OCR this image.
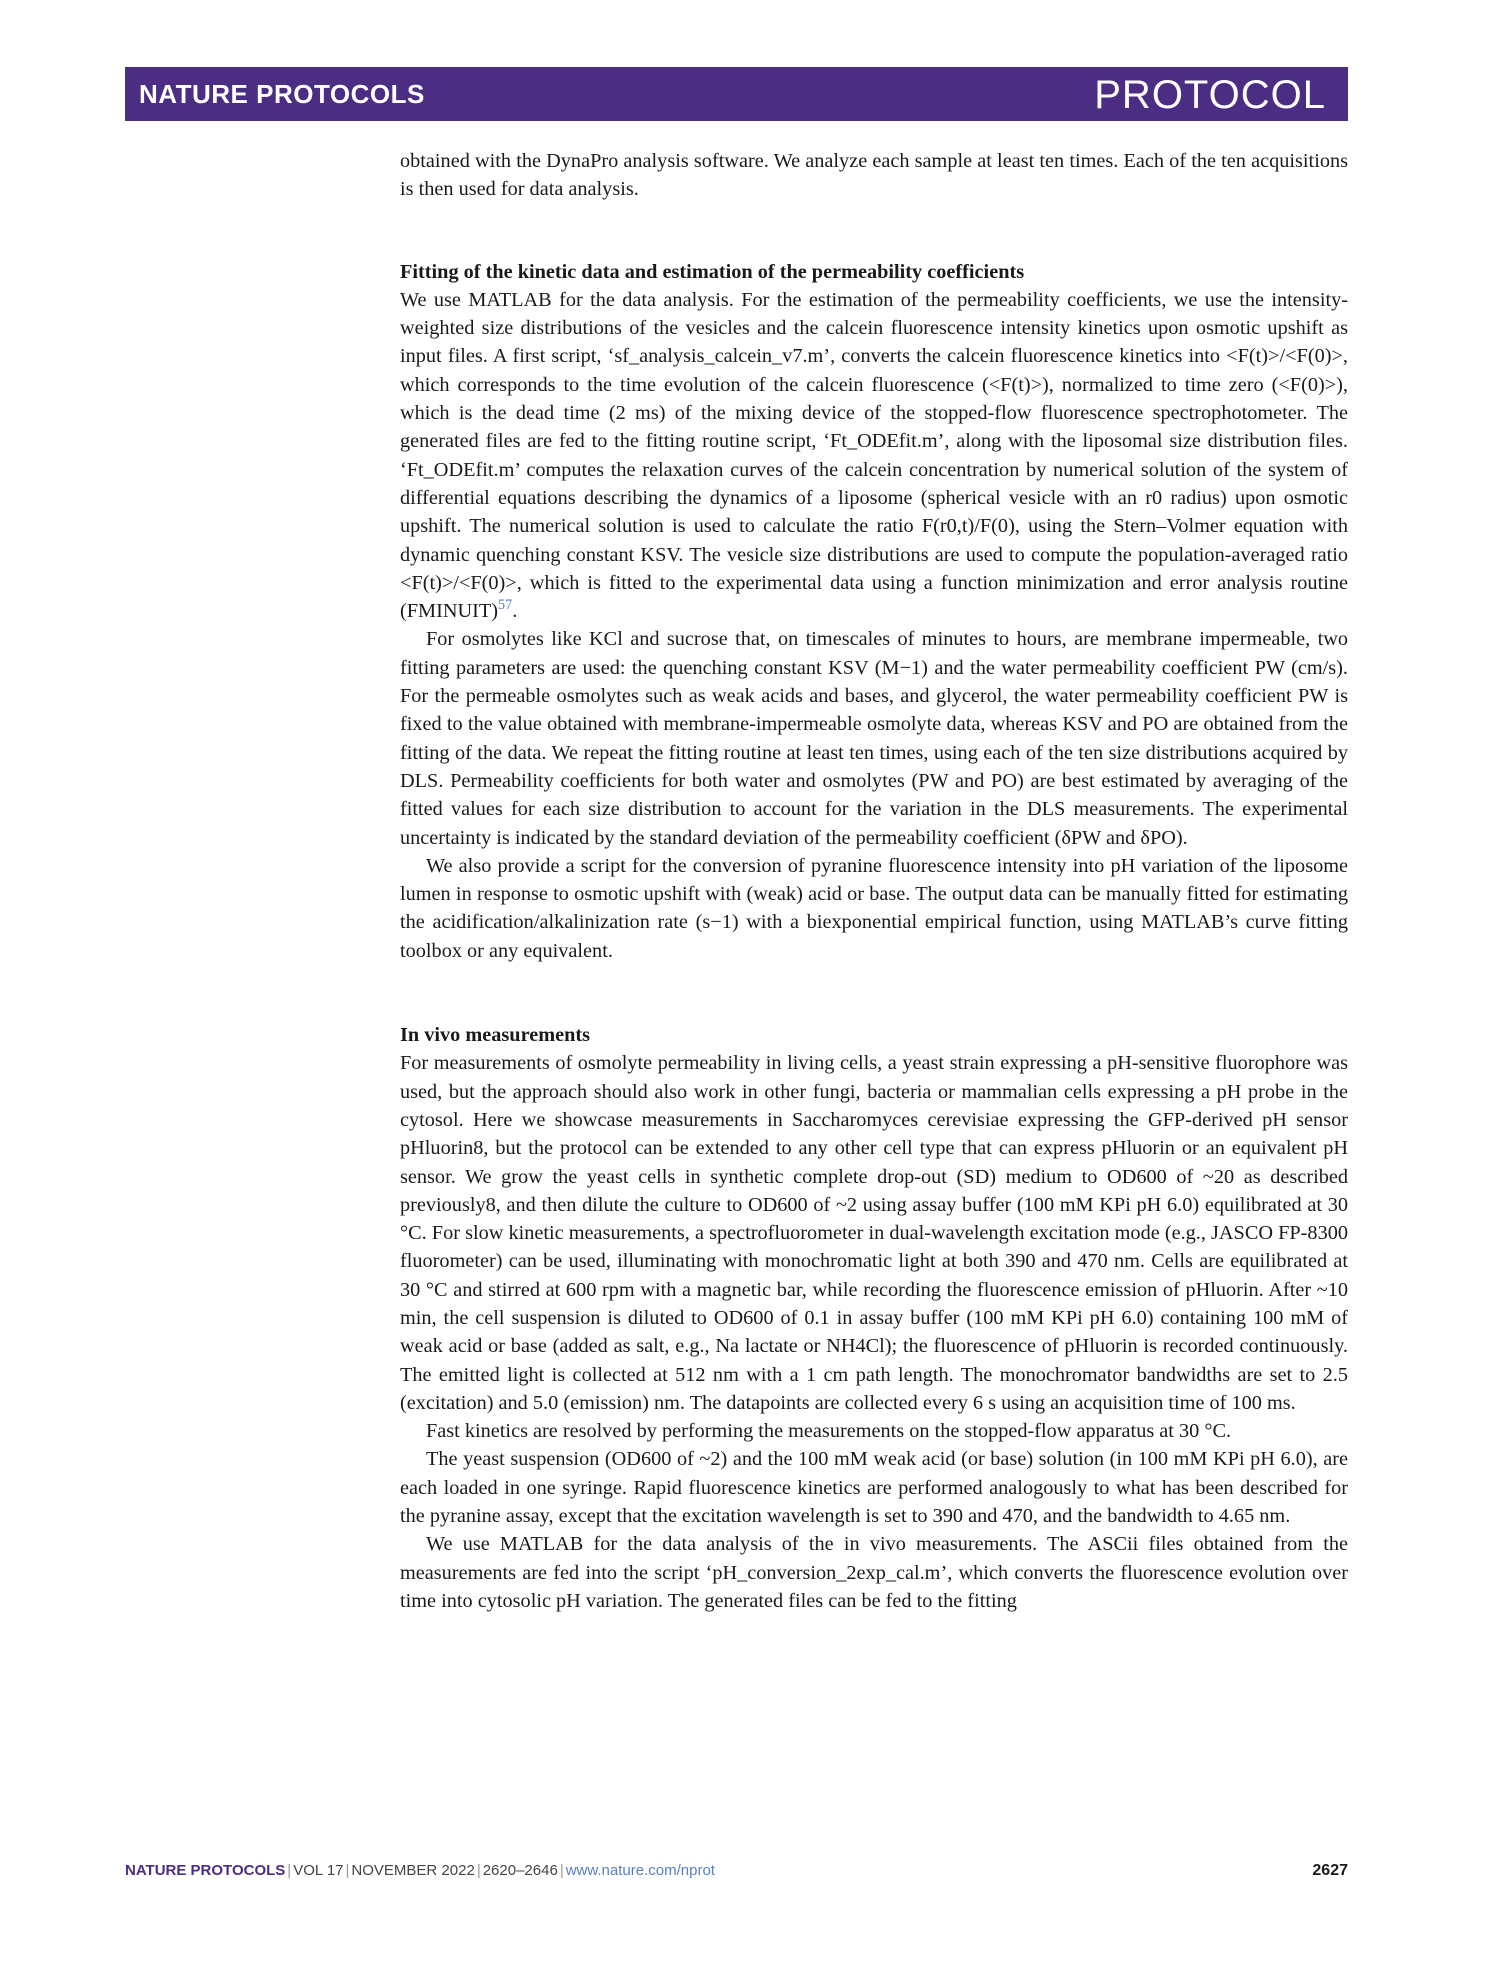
NATURE PROTOCOLS	PROTOCOL

obtained with the DynaPro analysis software. We analyze each sample at least ten times. Each of the ten acquisitions is then used for data analysis.

Fitting of the kinetic data and estimation of the permeability coefficients

We use MATLAB for the data analysis. For the estimation of the permeability coefficients, we use the intensity-weighted size distributions of the vesicles and the calcein fluorescence intensity kinetics upon osmotic upshift as input files. A first script, ‘sf_analysis_calcein_v7.m’, converts the calcein fluorescence kinetics into <F(t)>/<F(0)>, which corresponds to the time evolution of the calcein fluorescence (<F(t)>), normalized to time zero (<F(0)>), which is the dead time (2 ms) of the mixing device of the stopped-flow fluorescence spectrophotometer. The generated files are fed to the fitting routine script, ‘Ft_ODEfit.m’, along with the liposomal size distribution files. ‘Ft_ODEfit.m’ computes the relaxation curves of the calcein concentration by numerical solution of the system of differential equations describing the dynamics of a liposome (spherical vesicle with an r0 radius) upon osmotic upshift. The numerical solution is used to calculate the ratio F(r0,t)/F(0), using the Stern–Volmer equation with dynamic quenching constant KSV. The vesicle size distributions are used to compute the population-averaged ratio <F(t)>/<F(0)>, which is fitted to the experimental data using a function minimization and error analysis routine (FMINUIT)$^{57}$.

For osmolytes like KCl and sucrose that, on timescales of minutes to hours, are membrane impermeable, two fitting parameters are used: the quenching constant KSV (M−1) and the water permeability coefficient PW (cm/s). For the permeable osmolytes such as weak acids and bases, and glycerol, the water permeability coefficient PW is fixed to the value obtained with membrane-impermeable osmolyte data, whereas KSV and PO are obtained from the fitting of the data. We repeat the fitting routine at least ten times, using each of the ten size distributions acquired by DLS. Permeability coefficients for both water and osmolytes (PW and PO) are best estimated by averaging of the fitted values for each size distribution to account for the variation in the DLS measurements. The experimental uncertainty is indicated by the standard deviation of the permeability coefficient (δPW and δPO).

We also provide a script for the conversion of pyranine fluorescence intensity into pH variation of the liposome lumen in response to osmotic upshift with (weak) acid or base. The output data can be manually fitted for estimating the acidification/alkalinization rate (s−1) with a biexponential empirical function, using MATLAB’s curve fitting toolbox or any equivalent.

In vivo measurements

For measurements of osmolyte permeability in living cells, a yeast strain expressing a pH-sensitive fluorophore was used, but the approach should also work in other fungi, bacteria or mammalian cells expressing a pH probe in the cytosol. Here we showcase measurements in Saccharomyces cerevisiae expressing the GFP-derived pH sensor pHluorin8, but the protocol can be extended to any other cell type that can express pHluorin or an equivalent pH sensor. We grow the yeast cells in synthetic complete drop-out (SD) medium to OD600 of ~20 as described previously8, and then dilute the culture to OD600 of ~2 using assay buffer (100 mM KPi pH 6.0) equilibrated at 30 °C. For slow kinetic measurements, a spectrofluorometer in dual-wavelength excitation mode (e.g., JASCO FP-8300 fluorometer) can be used, illuminating with monochromatic light at both 390 and 470 nm. Cells are equilibrated at 30 °C and stirred at 600 rpm with a magnetic bar, while recording the fluorescence emission of pHluorin. After ~10 min, the cell suspension is diluted to OD600 of 0.1 in assay buffer (100 mM KPi pH 6.0) containing 100 mM of weak acid or base (added as salt, e.g., Na lactate or NH4Cl); the fluorescence of pHluorin is recorded continuously. The emitted light is collected at 512 nm with a 1 cm path length. The monochromator bandwidths are set to 2.5 (excitation) and 5.0 (emission) nm. The datapoints are collected every 6 s using an acquisition time of 100 ms.

Fast kinetics are resolved by performing the measurements on the stopped-flow apparatus at 30 °C.

The yeast suspension (OD600 of ~2) and the 100 mM weak acid (or base) solution (in 100 mM KPi pH 6.0), are each loaded in one syringe. Rapid fluorescence kinetics are performed analogously to what has been described for the pyranine assay, except that the excitation wavelength is set to 390 and 470, and the bandwidth to 4.65 nm.

We use MATLAB for the data analysis of the in vivo measurements. The ASCii files obtained from the measurements are fed into the script ‘pH_conversion_2exp_cal.m’, which converts the fluorescence evolution over time into cytosolic pH variation. The generated files can be fed to the fitting

NATURE PROTOCOLS | VOL 17 | NOVEMBER 2022 | 2620–2646 | www.nature.com/nprot	2627
